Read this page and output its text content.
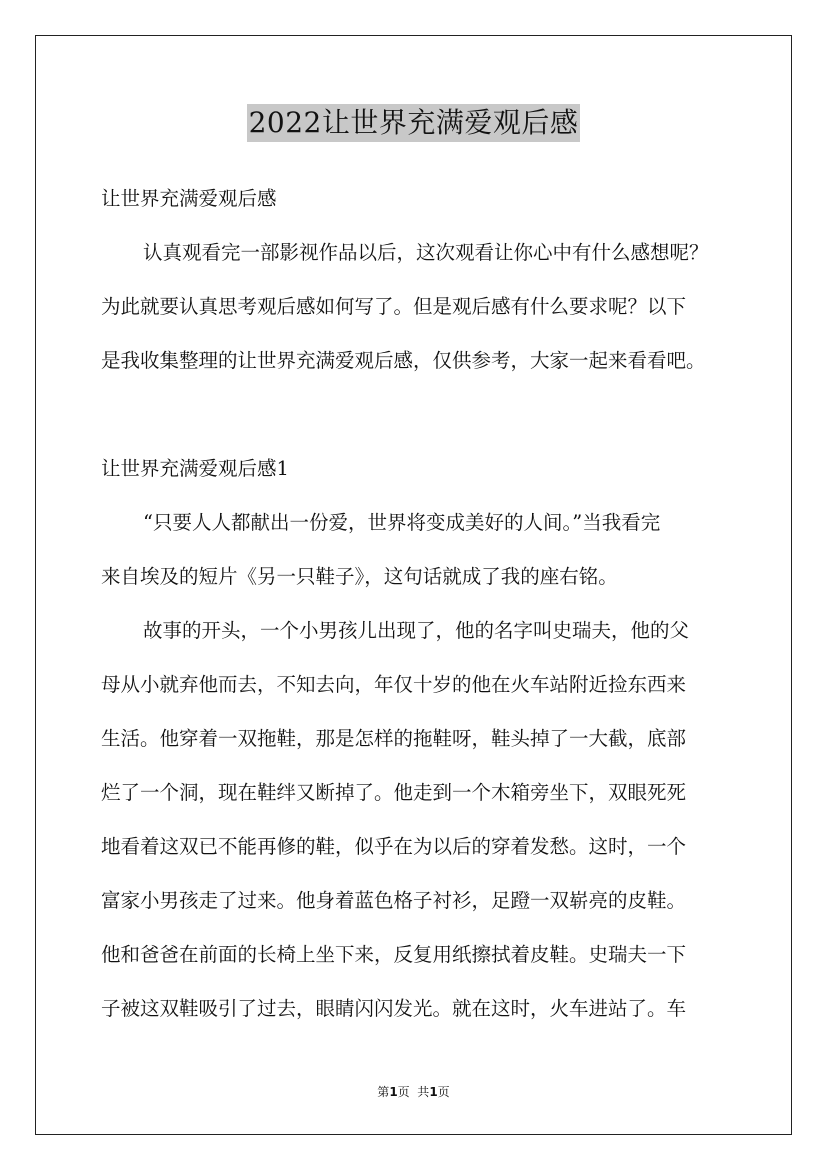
2022让世界充满爱观后感
让世界充满爱观后感
认真观看完一部影视作品以后，这次观看让你心中有什么感想呢？
为此就要认真思考观后感如何写了。但是观后感有什么要求呢？以下
是我收集整理的让世界充满爱观后感，仅供参考，大家一起来看看吧。
让世界充满爱观后感1
“只要人人都献出一份爱，世界将变成美好的人间。”当我看完
来自埃及的短片《另一只鞋子》，这句话就成了我的座右铭。
故事的开头，一个小男孩儿出现了，他的名字叫史瑞夫，他的父
母从小就弃他而去，不知去向，年仅十岁的他在火车站附近捡东西来
生活。他穿着一双拖鞋，那是怎样的拖鞋呀，鞋头掉了一大截，底部
烂了一个洞，现在鞋绊又断掉了。他走到一个木箱旁坐下，双眼死死
地看着这双已不能再修的鞋，似乎在为以后的穿着发愁。这时，一个
富家小男孩走了过来。他身着蓝色格子衬衫，足蹬一双崭亮的皮鞋。
他和爸爸在前面的长椅上坐下来，反复用纸擦拭着皮鞋。史瑞夫一下
子被这双鞋吸引了过去，眼睛闪闪发光。就在这时，火车进站了。车
第1页  共1页
